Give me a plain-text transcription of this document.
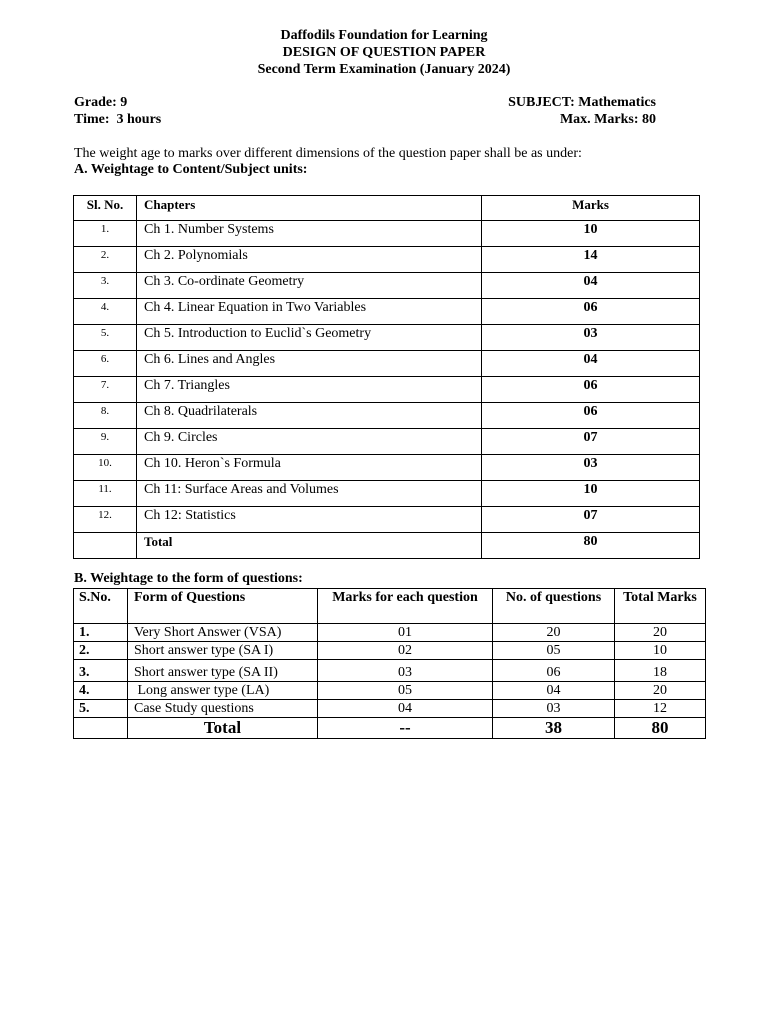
Daffodils Foundation for Learning
DESIGN OF QUESTION PAPER
Second Term Examination (January 2024)
Grade: 9	SUBJECT: Mathematics
Time:  3 hours	Max. Marks: 80
The weight age to marks over different dimensions of the question paper shall be as under:
A. Weightage to Content/Subject units:
Sl. No.	Chapters	Marks
1.	Ch 1. Number Systems	10
2.	Ch 2. Polynomials	14
3.	Ch 3. Co-ordinate Geometry	04
4.	Ch 4. Linear Equation in Two Variables	06
5.	Ch 5. Introduction to Euclid`s Geometry	03
6.	Ch 6. Lines and Angles	04
7.	Ch 7. Triangles	06
8.	Ch 8. Quadrilaterals	06
9.	Ch 9. Circles	07
10.	Ch 10. Heron`s Formula	03
11.	Ch 11: Surface Areas and Volumes	10
12.	Ch 12: Statistics	07
	Total	80
B. Weightage to the form of questions:
S.No.	Form of Questions	Marks for each question	No. of questions	Total Marks
1.	Very Short Answer (VSA)	01	20	20
2.	Short answer type (SA I)	02	05	10
3.	Short answer type (SA II)	03	06	18
4.	Long answer type (LA)	05	04	20
5.	Case Study questions	04	03	12
	Total	--	38	80
